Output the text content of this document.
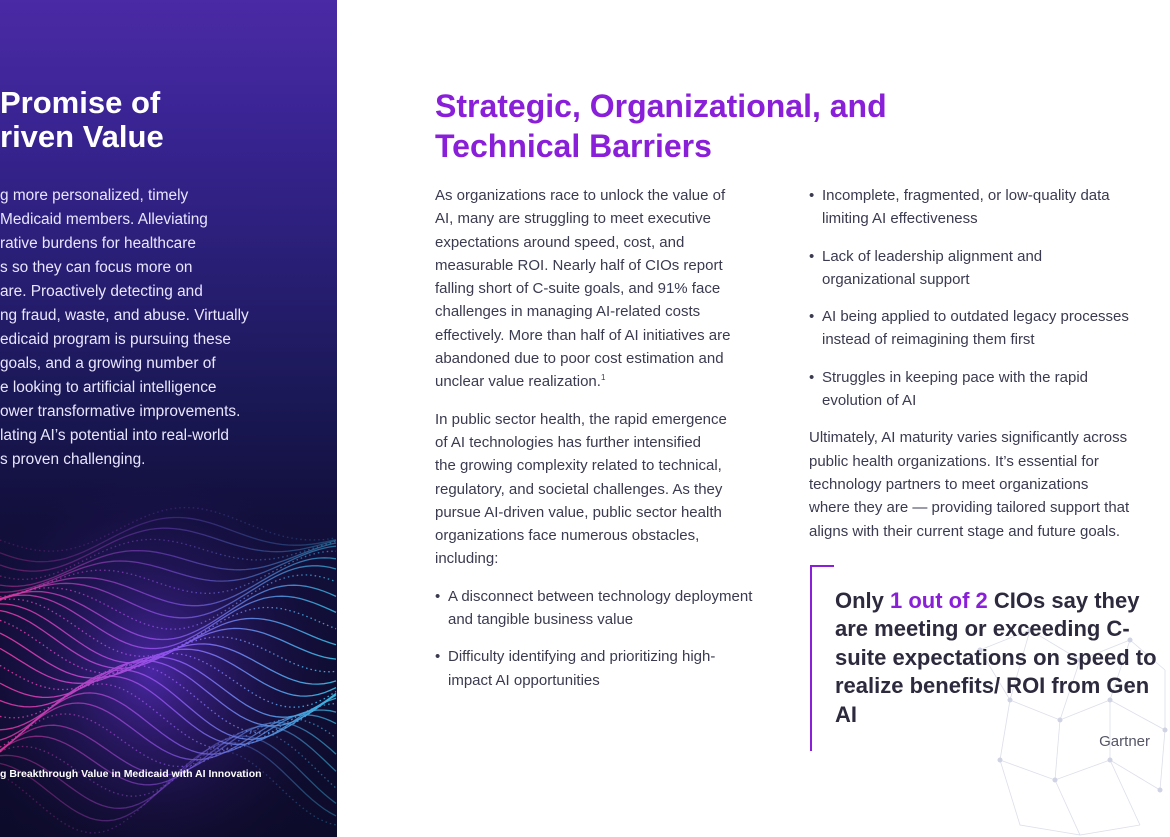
Promise of
riven Value

g more personalized, timely
Medicaid members. Alleviating
rative burdens for healthcare
s so they can focus more on
are. Proactively detecting and
ng fraud, waste, and abuse. Virtually
edicaid program is pursuing these
goals, and a growing number of
e looking to artificial intelligence
ower transformative improvements.
lating AI’s potential into real-world
s proven challenging.

g Breakthrough Value in Medicaid with AI Innovation
Strategic, Organizational, and
Technical Barriers

As organizations race to unlock the value of
AI, many are struggling to meet executive
expectations around speed, cost, and
measurable ROI. Nearly half of CIOs report
falling short of C-suite goals, and 91% face
challenges in managing AI-related costs
effectively. More than half of AI initiatives are
abandoned due to poor cost estimation and
unclear value realization.$^1$

In public sector health, the rapid emergence
of AI technologies has further intensified
the growing complexity related to technical,
regulatory, and societal challenges. As they
pursue AI-driven value, public sector health
organizations face numerous obstacles,
including:

• A disconnect between technology deployment
and tangible business value
• Difficulty identifying and prioritizing high-
impact AI opportunities
• Incomplete, fragmented, or low-quality data
limiting AI effectiveness
• Lack of leadership alignment and
organizational support
• AI being applied to outdated legacy processes
instead of reimagining them first
• Struggles in keeping pace with the rapid
evolution of AI

Ultimately, AI maturity varies significantly across
public health organizations. It’s essential for
technology partners to meet organizations
where they are — providing tailored support that
aligns with their current stage and future goals.

Only 1 out of 2 CIOs say they are meeting or exceeding C-suite expectations on speed to realize benefits/ ROI from Gen AI

Gartner
